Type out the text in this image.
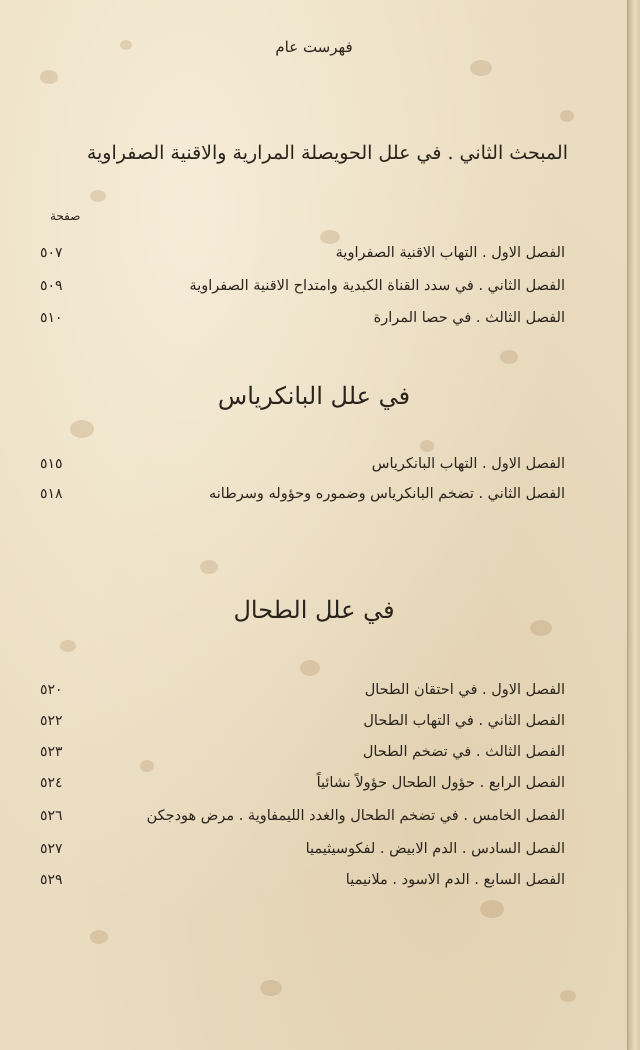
فهرست عام
المبحث الثاني . في علل الحويصلة المرارية والاقنية الصفراوية
صفحة
الفصل الاول . التهاب الاقنية الصفراوية
٥٠٧
الفصل الثاني . في سدد القناة الكبدية وامتداح الاقنية الصفراوية
٥٠٩
الفصل الثالث . في حصا المرارة
٥١٠
في علل البانكرياس
الفصل الاول . التهاب البانكرياس
٥١٥
الفصل الثاني . تضخم البانكرياس وضموره وحؤوله وسرطانه
٥١٨
في علل الطحال
الفصل الاول . في احتقان الطحال
٥٢٠
الفصل الثاني . في التهاب الطحال
٥٢٢
الفصل الثالث . في تضخم الطحال
٥٢٣
الفصل الرابع . حؤول الطحال حؤولاً نشائياً
٥٢٤
الفصل الخامس . في تضخم الطحال والغدد الليمفاوية . مرض هودجكن
٥٢٦
الفصل السادس . الدم الابيض . لفكوسيثيميا
٥٢٧
الفصل السابع . الدم الاسود . ملانيميا
٥٢٩
